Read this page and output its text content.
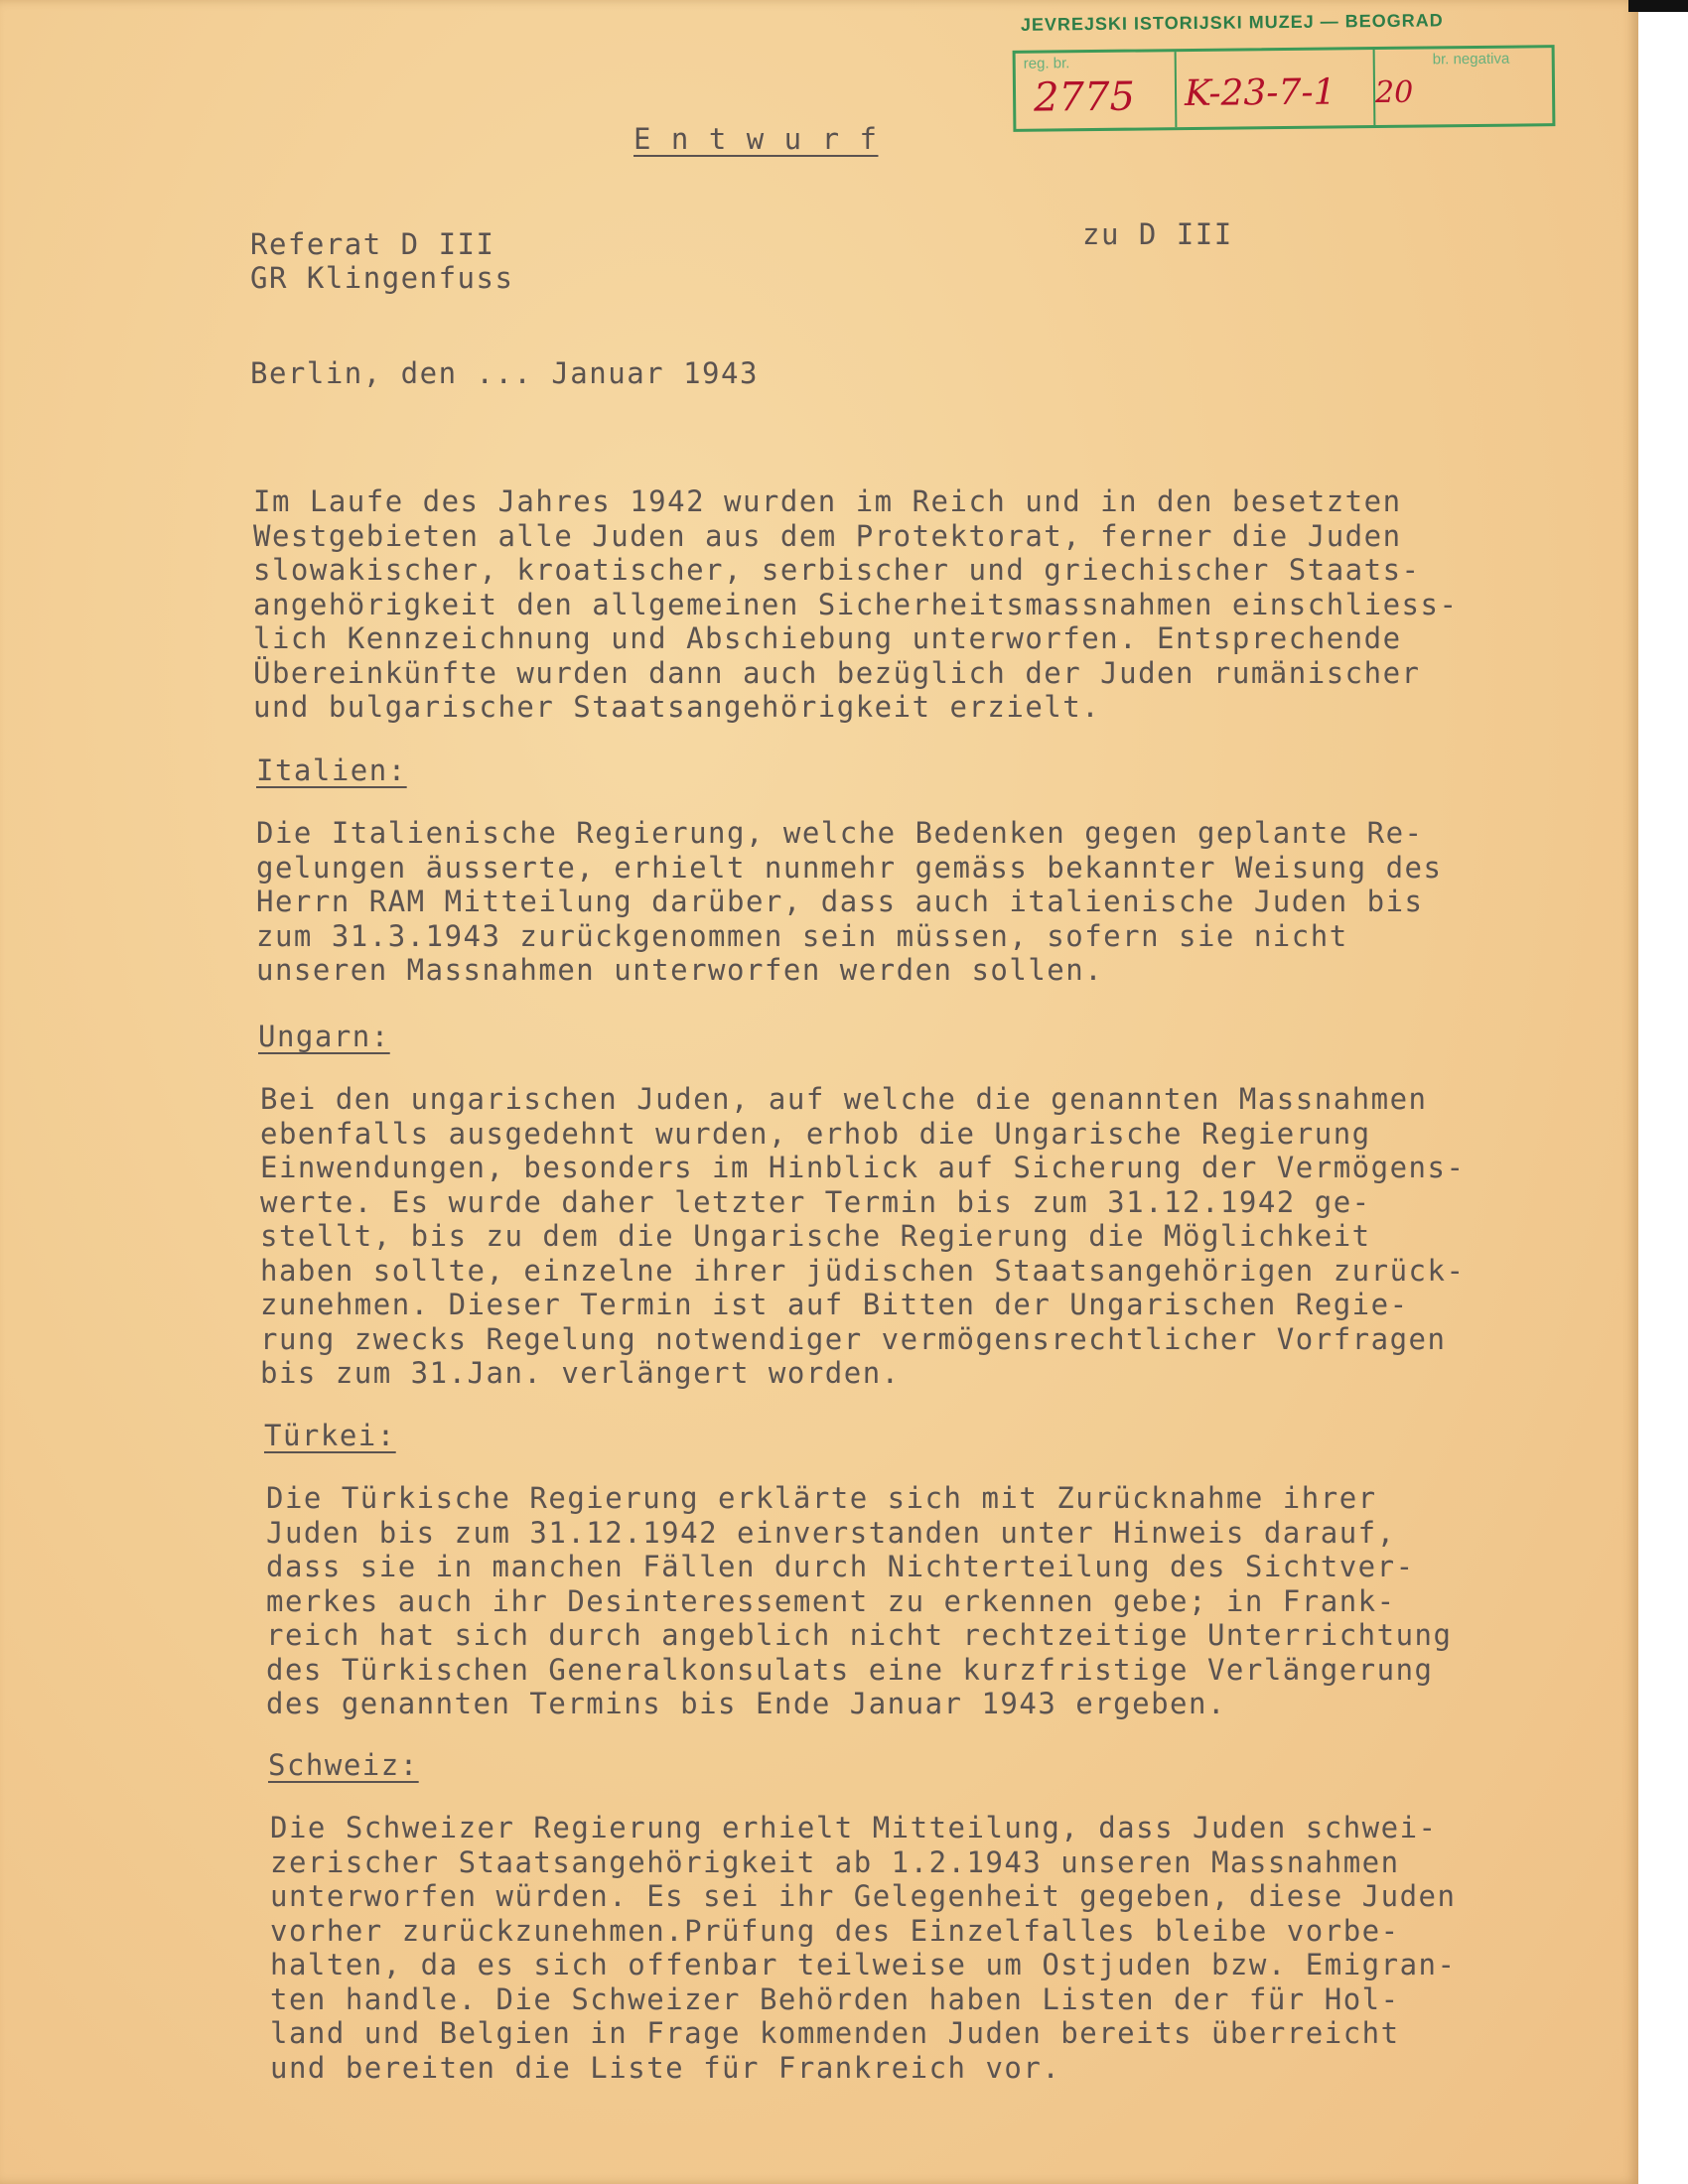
JEVREJSKI ISTORIJSKI MUZEJ — BEOGRAD
reg. br.
2775 K-23-7-1 20
br. negativa
E n t w u r f
Referat D III
GR Klingenfuss
zu D III
Berlin, den ... Januar 1943
Im Laufe des Jahres 1942 wurden im Reich und in den besetzten
Westgebieten alle Juden aus dem Protektorat, ferner die Juden
slowakischer, kroatischer, serbischer und griechischer Staats-
angehörigkeit den allgemeinen Sicherheitsmassnahmen einschliess-
lich Kennzeichnung und Abschiebung unterworfen. Entsprechende
Übereinkünfte wurden dann auch bezüglich der Juden rumänischer
und bulgarischer Staatsangehörigkeit erzielt.
Italien:
Die Italienische Regierung, welche Bedenken gegen geplante Re-
gelungen äusserte, erhielt nunmehr gemäss bekannter Weisung des
Herrn RAM Mitteilung darüber, dass auch italienische Juden bis
zum 31.3.1943 zurückgenommen sein müssen, sofern sie nicht
unseren Massnahmen unterworfen werden sollen.
Ungarn:
Bei den ungarischen Juden, auf welche die genannten Massnahmen
ebenfalls ausgedehnt wurden, erhob die Ungarische Regierung
Einwendungen, besonders im Hinblick auf Sicherung der Vermögens-
werte. Es wurde daher letzter Termin bis zum 31.12.1942 ge-
stellt, bis zu dem die Ungarische Regierung die Möglichkeit
haben sollte, einzelne ihrer jüdischen Staatsangehörigen zurück-
zunehmen. Dieser Termin ist auf Bitten der Ungarischen Regie-
rung zwecks Regelung notwendiger vermögensrechtlicher Vorfragen
bis zum 31.Jan. verlängert worden.
Türkei:
Die Türkische Regierung erklärte sich mit Zurücknahme ihrer
Juden bis zum 31.12.1942 einverstanden unter Hinweis darauf,
dass sie in manchen Fällen durch Nichterteilung des Sichtver-
merkes auch ihr Desinteressement zu erkennen gebe; in Frank-
reich hat sich durch angeblich nicht rechtzeitige Unterrichtung
des Türkischen Generalkonsulats eine kurzfristige Verlängerung
des genannten Termins bis Ende Januar 1943 ergeben.
Schweiz:
Die Schweizer Regierung erhielt Mitteilung, dass Juden schwei-
zerischer Staatsangehörigkeit ab 1.2.1943 unseren Massnahmen
unterworfen würden. Es sei ihr Gelegenheit gegeben, diese Juden
vorher zurückzunehmen.Prüfung des Einzelfalles bleibe vorbe-
halten, da es sich offenbar teilweise um Ostjuden bzw. Emigran-
ten handle. Die Schweizer Behörden haben Listen der für Hol-
land und Belgien in Frage kommenden Juden bereits überreicht
und bereiten die Liste für Frankreich vor.
